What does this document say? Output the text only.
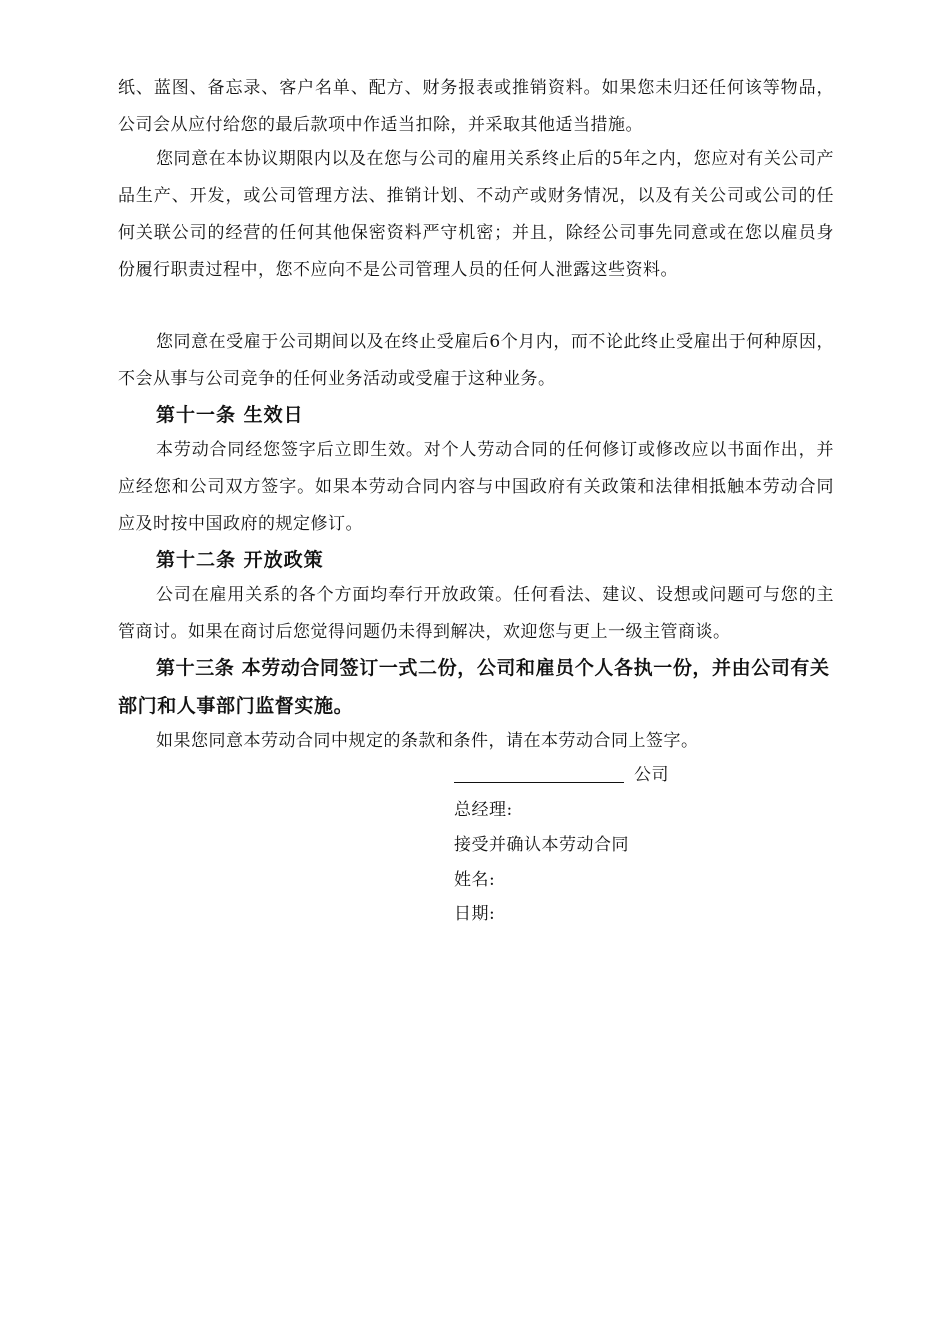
纸、蓝图、备忘录、客户名单、配方、财务报表或推销资料。如果您未归还任何该等物品，公司会从应付给您的最后款项中作适当扣除，并采取其他适当措施。

您同意在本协议期限内以及在您与公司的雇用关系终止后的5年之内，您应对有关公司产品生产、开发，或公司管理方法、推销计划、不动产或财务情况，以及有关公司或公司的任何关联公司的经营的任何其他保密资料严守机密；并且，除经公司事先同意或在您以雇员身份履行职责过程中，您不应向不是公司管理人员的任何人泄露这些资料。

您同意在受雇于公司期间以及在终止受雇后6个月内，而不论此终止受雇出于何种原因，不会从事与公司竞争的任何业务活动或受雇于这种业务。

第十一条 生效日

本劳动合同经您签字后立即生效。对个人劳动合同的任何修订或修改应以书面作出，并应经您和公司双方签字。如果本劳动合同内容与中国政府有关政策和法律相抵触本劳动合同应及时按中国政府的规定修订。

第十二条 开放政策

公司在雇用关系的各个方面均奉行开放政策。任何看法、建议、设想或问题可与您的主管商讨。如果在商讨后您觉得问题仍未得到解决，欢迎您与更上一级主管商谈。

第十三条 本劳动合同签订一式二份，公司和雇员个人各执一份，并由公司有关部门和人事部门监督实施。

如果您同意本劳动合同中规定的条款和条件，请在本劳动合同上签字。

公司

总经理:

接受并确认本劳动合同

姓名:

日期:
